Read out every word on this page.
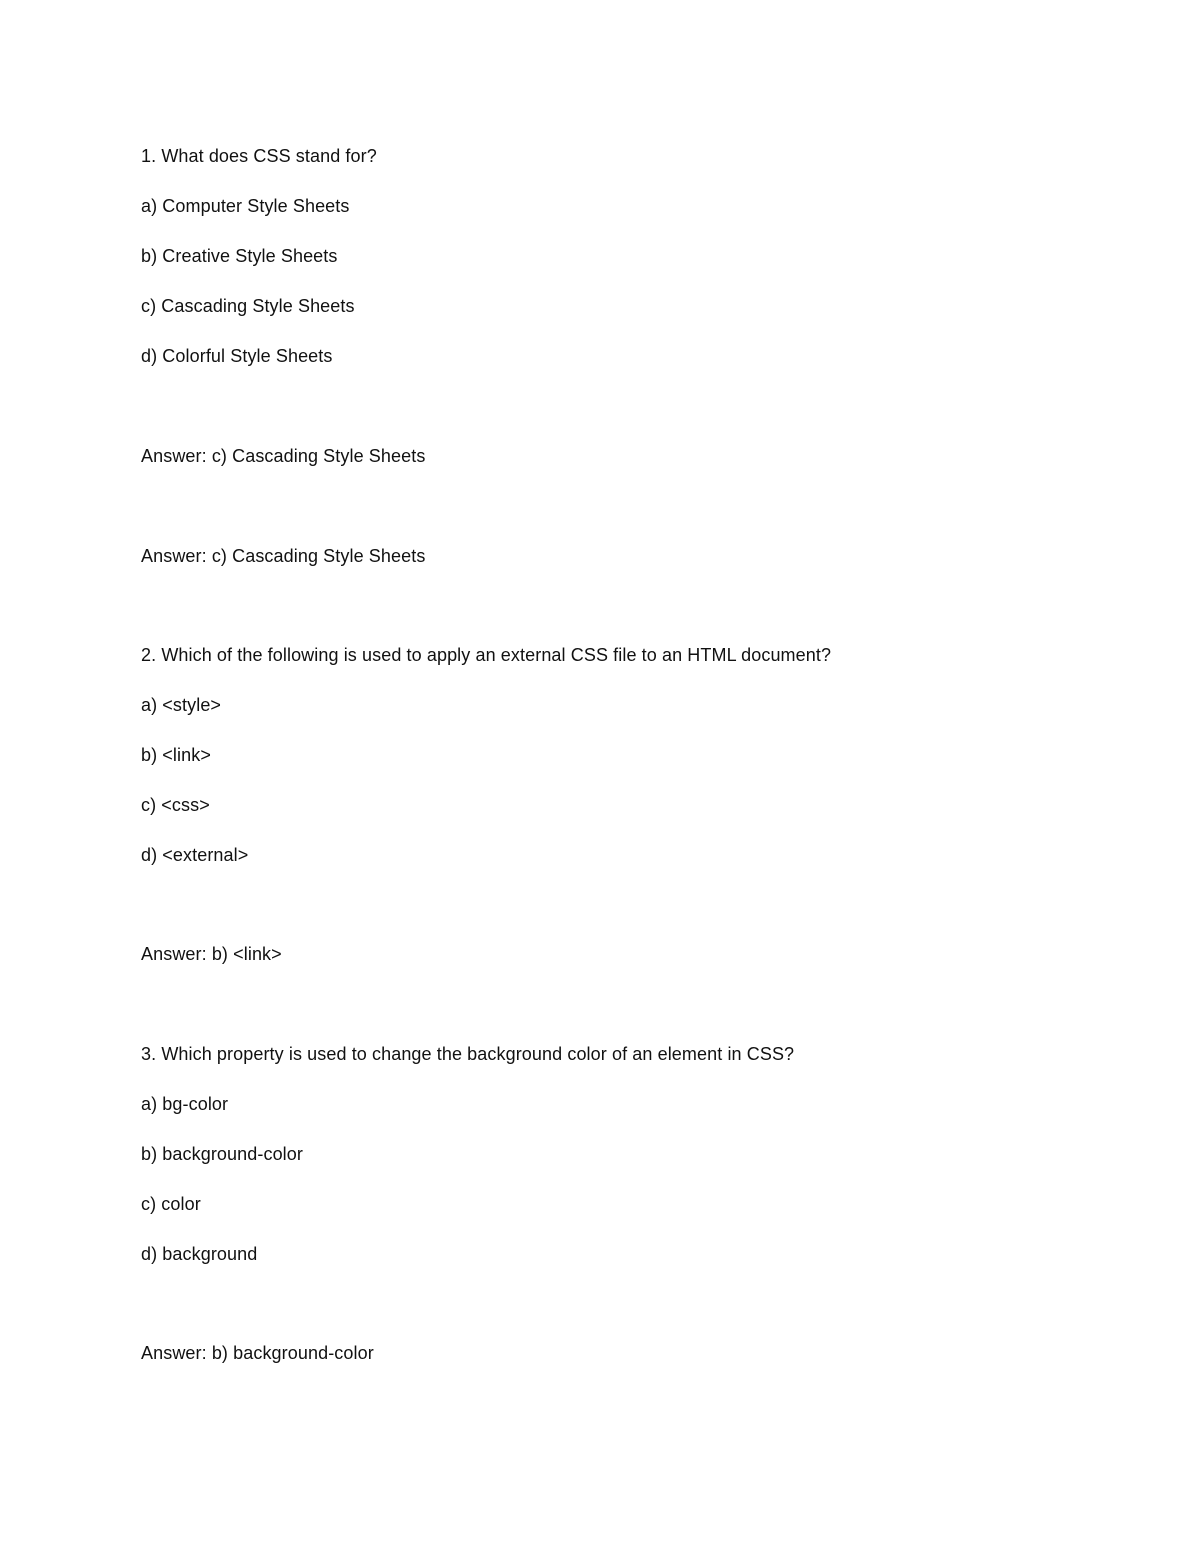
1. What does CSS stand for?
a) Computer Style Sheets
b) Creative Style Sheets
c) Cascading Style Sheets
d) Colorful Style Sheets
Answer: c) Cascading Style Sheets
Answer: c) Cascading Style Sheets
2. Which of the following is used to apply an external CSS file to an HTML document?
a) <style>
b) <link>
c) <css>
d) <external>
Answer: b) <link>
3. Which property is used to change the background color of an element in CSS?
a) bg-color
b) background-color
c) color
d) background
Answer: b) background-color
